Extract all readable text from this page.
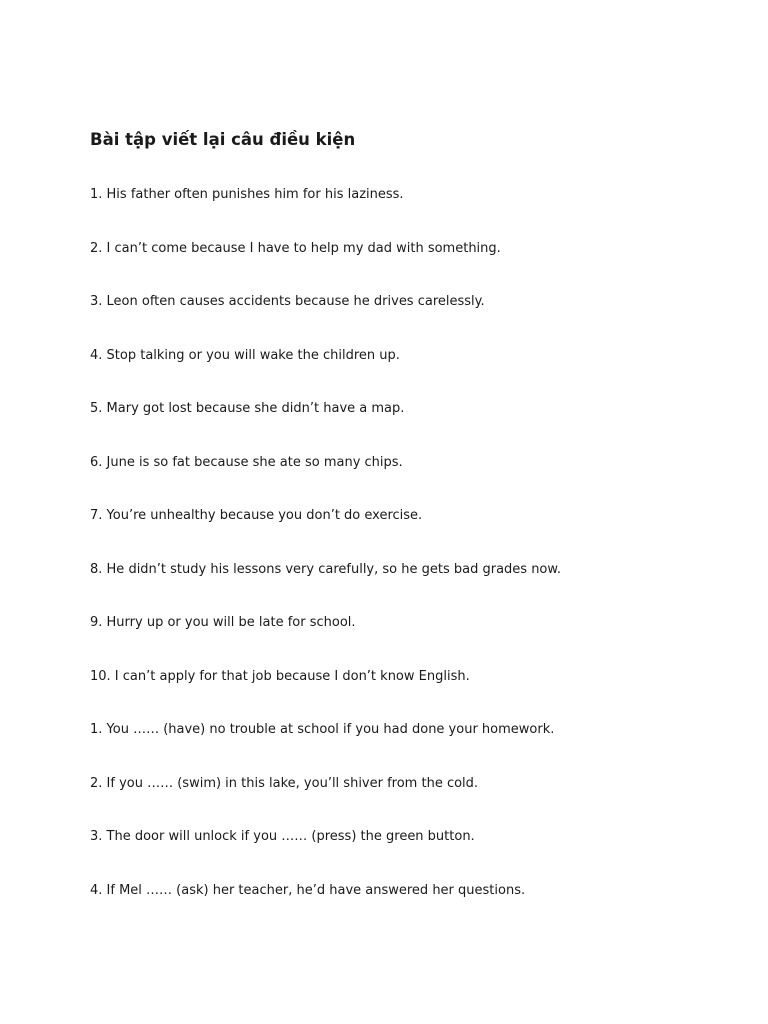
Bài tập viết lại câu điều kiện
1. His father often punishes him for his laziness.
2. I can’t come because I have to help my dad with something.
3. Leon often causes accidents because he drives carelessly.
4. Stop talking or you will wake the children up.
5. Mary got lost because she didn’t have a map.
6. June is so fat because she ate so many chips.
7. You’re unhealthy because you don’t do exercise.
8. He didn’t study his lessons very carefully, so he gets bad grades now.
9. Hurry up or you will be late for school.
10. I can’t apply for that job because I don’t know English.
1. You …… (have) no trouble at school if you had done your homework.
2. If you …… (swim) in this lake, you’ll shiver from the cold.
3. The door will unlock if you …… (press) the green button.
4. If Mel …… (ask) her teacher, he’d have answered her questions.
